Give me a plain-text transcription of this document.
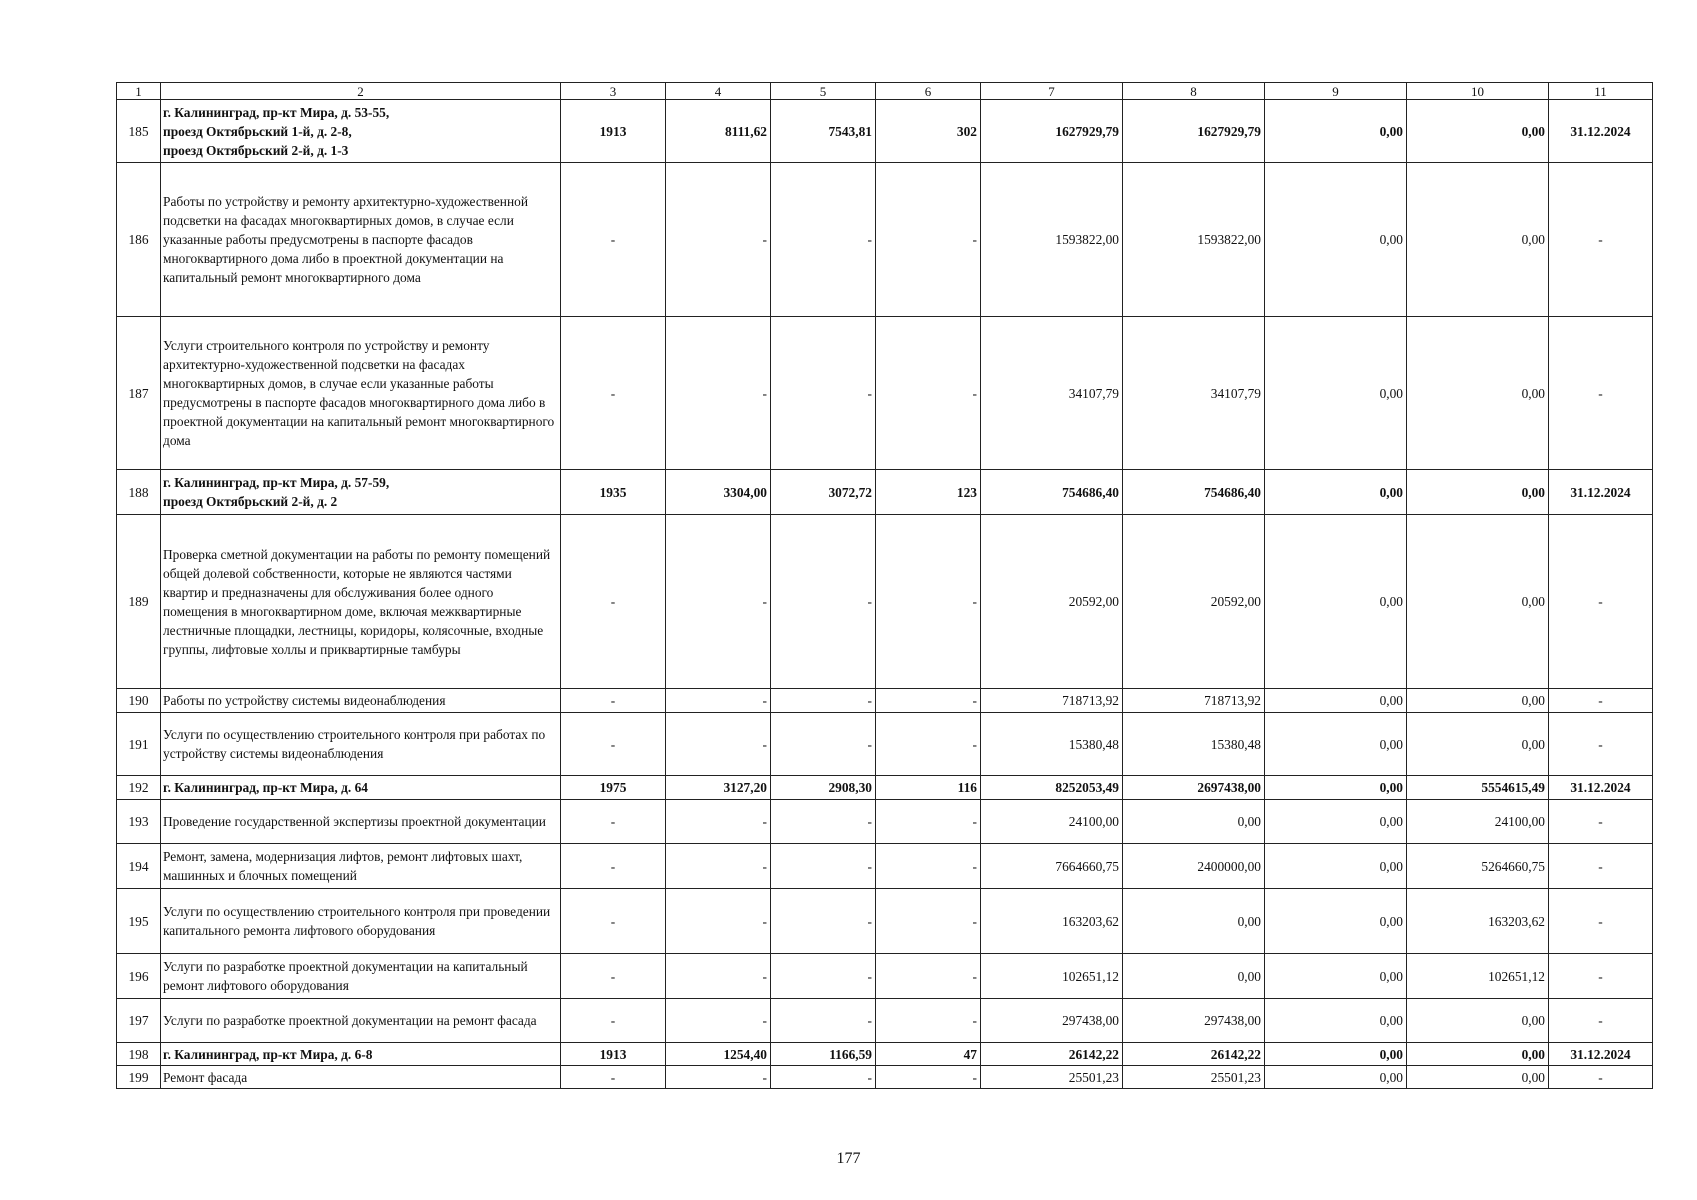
1	2	3	4	5	6	7	8	9	10	11
185	г. Калининград, пр-кт Мира, д. 53-55,
проезд Октябрьский 1-й, д. 2-8,
проезд Октябрьский 2-й, д. 1-3	1913	8111,62	7543,81	302	1627929,79	1627929,79	0,00	0,00	31.12.2024
186	Работы по устройству и ремонту архитектурно-художественной подсветки на фасадах многоквартирных домов, в случае если указанные работы предусмотрены в паспорте фасадов многоквартирного дома либо в проектной документации на капитальный ремонт многоквартирного дома	-	-	-	-	1593822,00	1593822,00	0,00	0,00	-
187	Услуги строительного контроля по устройству и ремонту архитектурно-художественной подсветки на фасадах многоквартирных домов, в случае если указанные работы предусмотрены в паспорте фасадов многоквартирного дома либо в проектной документации на капитальный ремонт многоквартирного дома	-	-	-	-	34107,79	34107,79	0,00	0,00	-
188	г. Калининград, пр-кт Мира, д. 57-59,
проезд Октябрьский 2-й, д. 2	1935	3304,00	3072,72	123	754686,40	754686,40	0,00	0,00	31.12.2024
189	Проверка сметной документации на работы по ремонту помещений общей долевой собственности, которые не являются частями квартир и предназначены для обслуживания более одного помещения в многоквартирном доме, включая межквартирные лестничные площадки, лестницы, коридоры, колясочные, входные группы, лифтовые холлы и приквартирные тамбуры	-	-	-	-	20592,00	20592,00	0,00	0,00	-
190	Работы по устройству системы видеонаблюдения	-	-	-	-	718713,92	718713,92	0,00	0,00	-
191	Услуги по осуществлению строительного контроля при работах по устройству системы видеонаблюдения	-	-	-	-	15380,48	15380,48	0,00	0,00	-
192	г. Калининград, пр-кт Мира, д. 64	1975	3127,20	2908,30	116	8252053,49	2697438,00	0,00	5554615,49	31.12.2024
193	Проведение государственной экспертизы проектной документации	-	-	-	-	24100,00	0,00	0,00	24100,00	-
194	Ремонт, замена, модернизация лифтов, ремонт лифтовых шахт, машинных и блочных помещений	-	-	-	-	7664660,75	2400000,00	0,00	5264660,75	-
195	Услуги по осуществлению строительного контроля при проведении капитального ремонта лифтового оборудования	-	-	-	-	163203,62	0,00	0,00	163203,62	-
196	Услуги по разработке проектной документации на капитальный ремонт лифтового оборудования	-	-	-	-	102651,12	0,00	0,00	102651,12	-
197	Услуги по разработке проектной документации на ремонт фасада	-	-	-	-	297438,00	297438,00	0,00	0,00	-
198	г. Калининград, пр-кт Мира, д. 6-8	1913	1254,40	1166,59	47	26142,22	26142,22	0,00	0,00	31.12.2024
199	Ремонт фасада	-	-	-	-	25501,23	25501,23	0,00	0,00	-
177
